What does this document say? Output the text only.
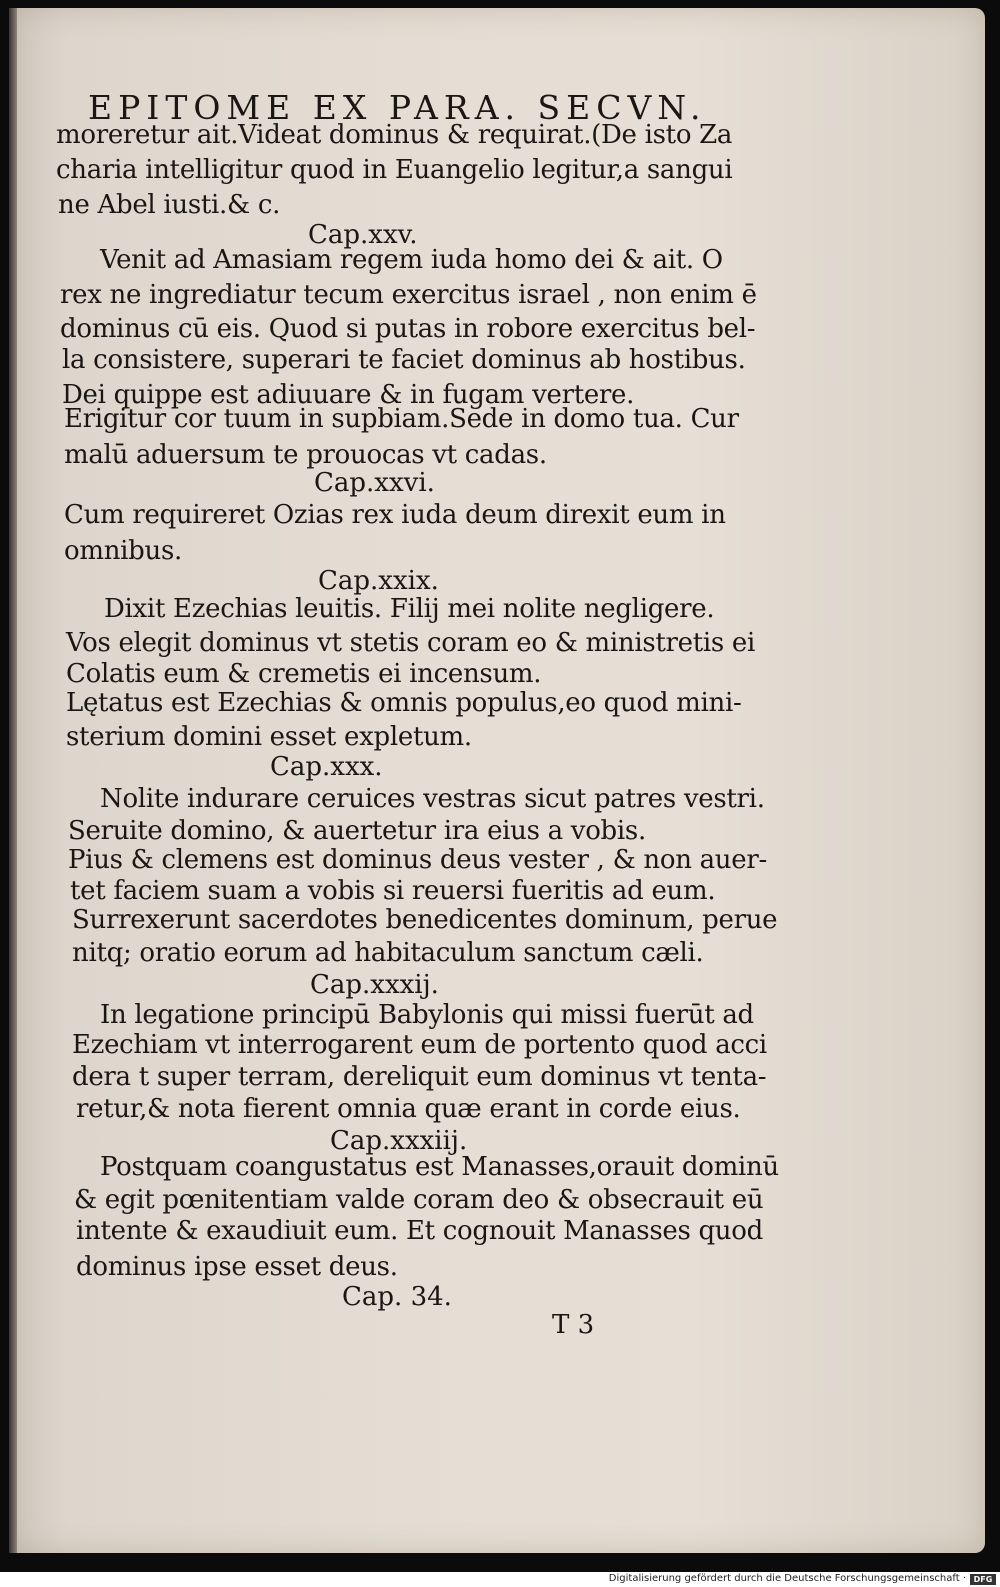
EPITOME EX PARA. SECVN.
moreretur ait.Videat dominus & requirat.(De isto Za
charia intelligitur quod in Euangelio legitur,a sangui
ne Abel iusti.& c.
Cap.xxv.
Venit ad Amasiam regem iuda homo dei & ait. O
rex ne ingrediatur tecum exercitus israel , non enim ē
dominus cū eis. Quod si putas in robore exercitus bel-
la consistere, superari te faciet dominus ab hostibus.
Dei quippe est adiuuare & in fugam vertere.
Erigitur cor tuum in supbiam.Sede in domo tua. Cur
malū aduersum te prouocas vt cadas.
Cap.xxvi.
Cum requireret Ozias rex iuda deum direxit eum in
omnibus.
Cap.xxix.
Dixit Ezechias leuitis. Filij mei nolite negligere.
Vos elegit dominus vt stetis coram eo & ministretis ei
Colatis eum & cremetis ei incensum.
Lętatus est Ezechias & omnis populus,eo quod mini-
sterium domini esset expletum.
Cap.xxx.
Nolite indurare ceruices vestras sicut patres vestri.
Seruite domino, & auertetur ira eius a vobis.
Pius & clemens est dominus deus vester , & non auer-
tet faciem suam a vobis si reuersi fueritis ad eum.
Surrexerunt sacerdotes benedicentes dominum, perue
nitq; oratio eorum ad habitaculum sanctum cæli.
Cap.xxxij.
In legatione principū Babylonis qui missi fuerūt ad
Ezechiam vt interrogarent eum de portento quod acci
dera t super terram, dereliquit eum dominus vt tenta-
retur,& nota fierent omnia quæ erant in corde eius.
Cap.xxxiij.
Postquam coangustatus est Manasses,orauit dominū
& egit pœnitentiam valde coram deo & obsecrauit eū
intente & exaudiuit eum. Et cognouit Manasses quod
dominus ipse esset deus.
Cap. 34.
T 3
Digitalisierung gefördert durch die Deutsche Forschungsgemeinschaft · DFG
